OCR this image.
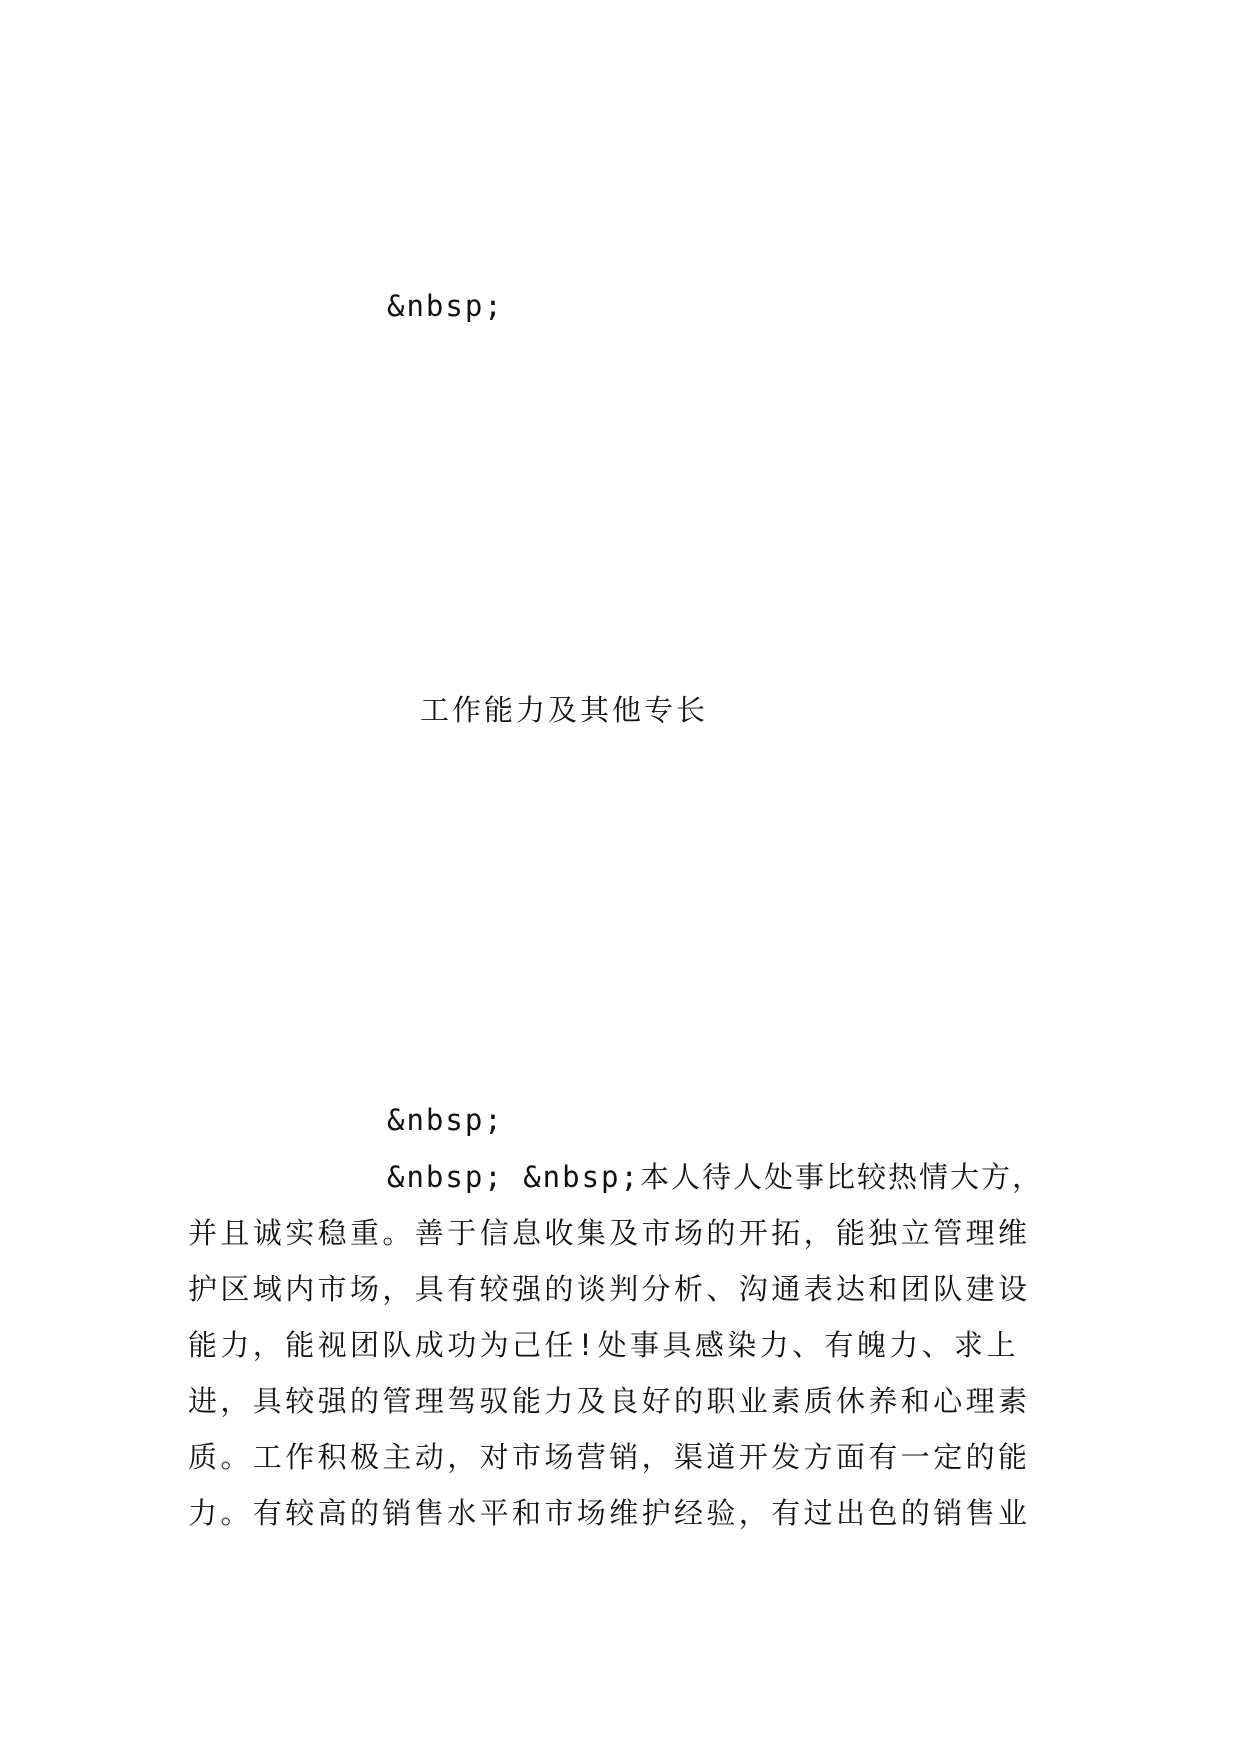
&nbsp;
工作能力及其他专长
&nbsp;
&nbsp; &nbsp;本人待人处事比较热情大方，
并且诚实稳重。善于信息收集及市场的开拓，能独立管理维
护区域内市场，具有较强的谈判分析、沟通表达和团队建设
能力，能视团队成功为己任!处事具感染力、有魄力、求上
进，具较强的管理驾驭能力及良好的职业素质休养和心理素
质。工作积极主动，对市场营销，渠道开发方面有一定的能
力。有较高的销售水平和市场维护经验，有过出色的销售业
